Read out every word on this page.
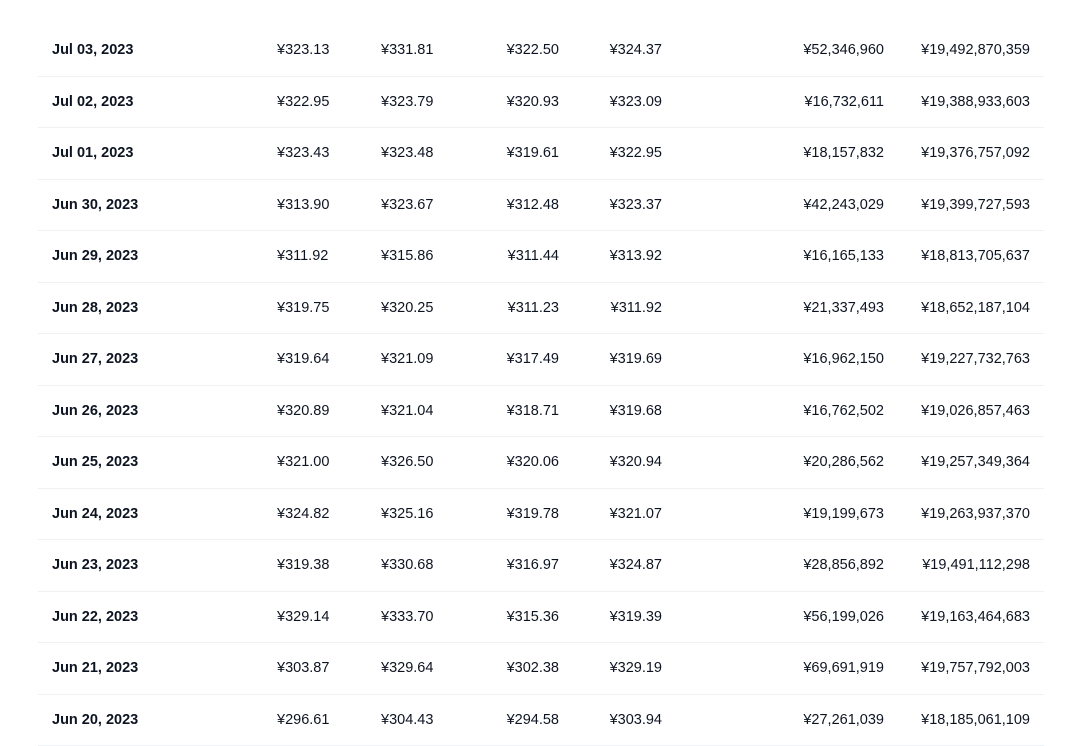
Jul 03, 2023	¥323.13	¥331.81	¥322.50	¥324.37	¥52,346,960	¥19,492,870,359
Jul 02, 2023	¥322.95	¥323.79	¥320.93	¥323.09	¥16,732,611	¥19,388,933,603
Jul 01, 2023	¥323.43	¥323.48	¥319.61	¥322.95	¥18,157,832	¥19,376,757,092
Jun 30, 2023	¥313.90	¥323.67	¥312.48	¥323.37	¥42,243,029	¥19,399,727,593
Jun 29, 2023	¥311.92	¥315.86	¥311.44	¥313.92	¥16,165,133	¥18,813,705,637
Jun 28, 2023	¥319.75	¥320.25	¥311.23	¥311.92	¥21,337,493	¥18,652,187,104
Jun 27, 2023	¥319.64	¥321.09	¥317.49	¥319.69	¥16,962,150	¥19,227,732,763
Jun 26, 2023	¥320.89	¥321.04	¥318.71	¥319.68	¥16,762,502	¥19,026,857,463
Jun 25, 2023	¥321.00	¥326.50	¥320.06	¥320.94	¥20,286,562	¥19,257,349,364
Jun 24, 2023	¥324.82	¥325.16	¥319.78	¥321.07	¥19,199,673	¥19,263,937,370
Jun 23, 2023	¥319.38	¥330.68	¥316.97	¥324.87	¥28,856,892	¥19,491,112,298
Jun 22, 2023	¥329.14	¥333.70	¥315.36	¥319.39	¥56,199,026	¥19,163,464,683
Jun 21, 2023	¥303.87	¥329.64	¥302.38	¥329.19	¥69,691,919	¥19,757,792,003
Jun 20, 2023	¥296.61	¥304.43	¥294.58	¥303.94	¥27,261,039	¥18,185,061,109
